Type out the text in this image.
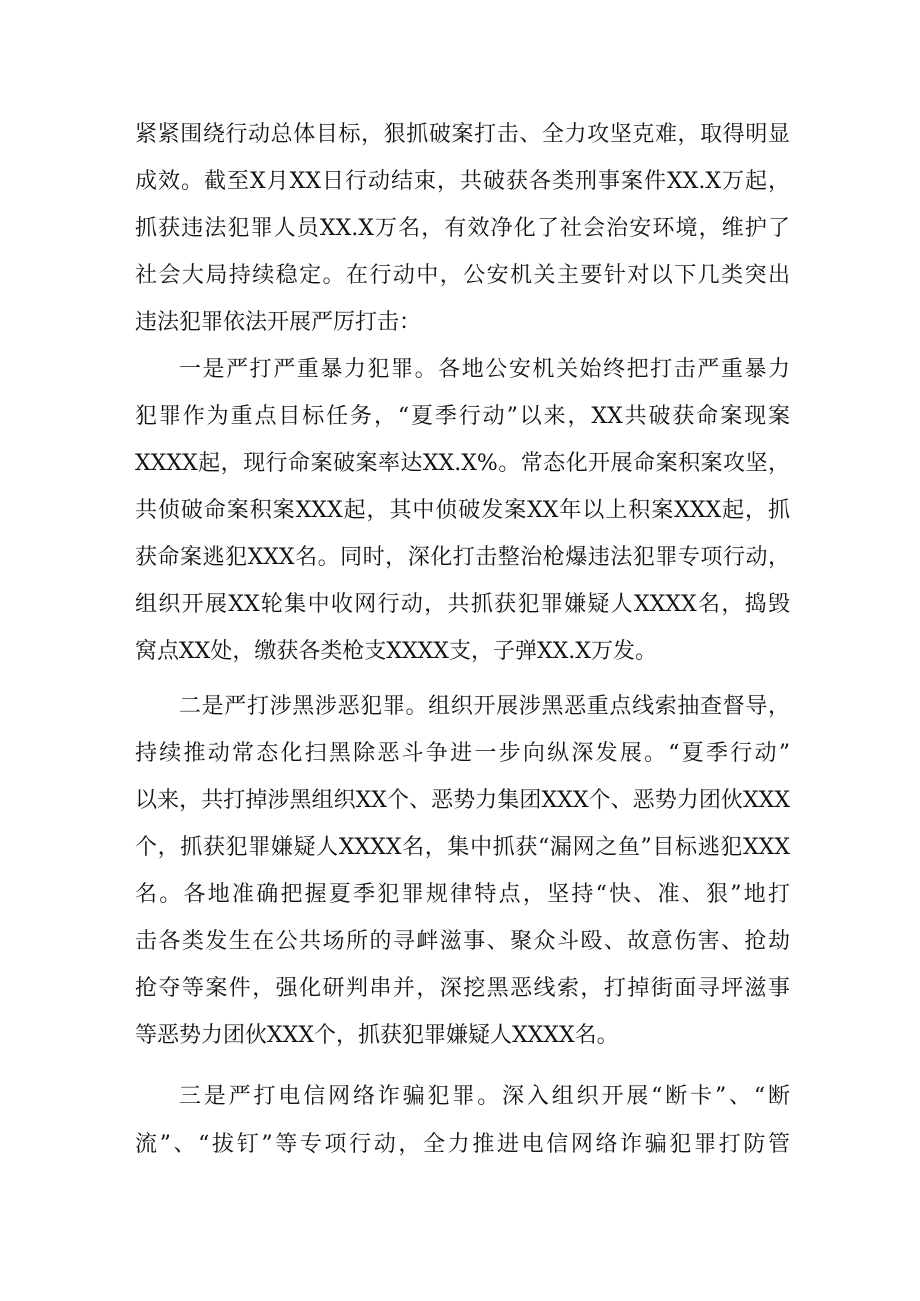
紧紧围绕行动总体目标，狠抓破案打击、全力攻坚克难，取得明显
成效。截至X月XX日行动结束，共破获各类刑事案件XX.X万起，
抓获违法犯罪人员XX.X万名，有效净化了社会治安环境，维护了
社会大局持续稳定。在行动中，公安机关主要针对以下几类突出
违法犯罪依法开展严厉打击：
一是严打严重暴力犯罪。各地公安机关始终把打击严重暴力
犯罪作为重点目标任务，“夏季行动”以来，XX共破获命案现案
XXXX起，现行命案破案率达XX.X%。常态化开展命案积案攻坚，
共侦破命案积案XXX起，其中侦破发案XX年以上积案XXX起，抓
获命案逃犯XXX名。同时，深化打击整治枪爆违法犯罪专项行动，
组织开展XX轮集中收网行动，共抓获犯罪嫌疑人XXXX名，捣毁
窝点XX处，缴获各类枪支XXXX支，子弹XX.X万发。
二是严打涉黑涉恶犯罪。组织开展涉黑恶重点线索抽查督导，
持续推动常态化扫黑除恶斗争进一步向纵深发展。“夏季行动”
以来，共打掉涉黑组织XX个、恶势力集团XXX个、恶势力团伙XXX
个，抓获犯罪嫌疑人XXXX名，集中抓获“漏网之鱼”目标逃犯XXX
名。各地准确把握夏季犯罪规律特点，坚持“快、准、狠”地打
击各类发生在公共场所的寻衅滋事、聚众斗殴、故意伤害、抢劫
抢夺等案件，强化研判串并，深挖黑恶线索，打掉街面寻坪滋事
等恶势力团伙XXX个，抓获犯罪嫌疑人XXXX名。
三是严打电信网络诈骗犯罪。深入组织开展“断卡”、“断
流”、“拔钉”等专项行动，全力推进电信网络诈骗犯罪打防管
